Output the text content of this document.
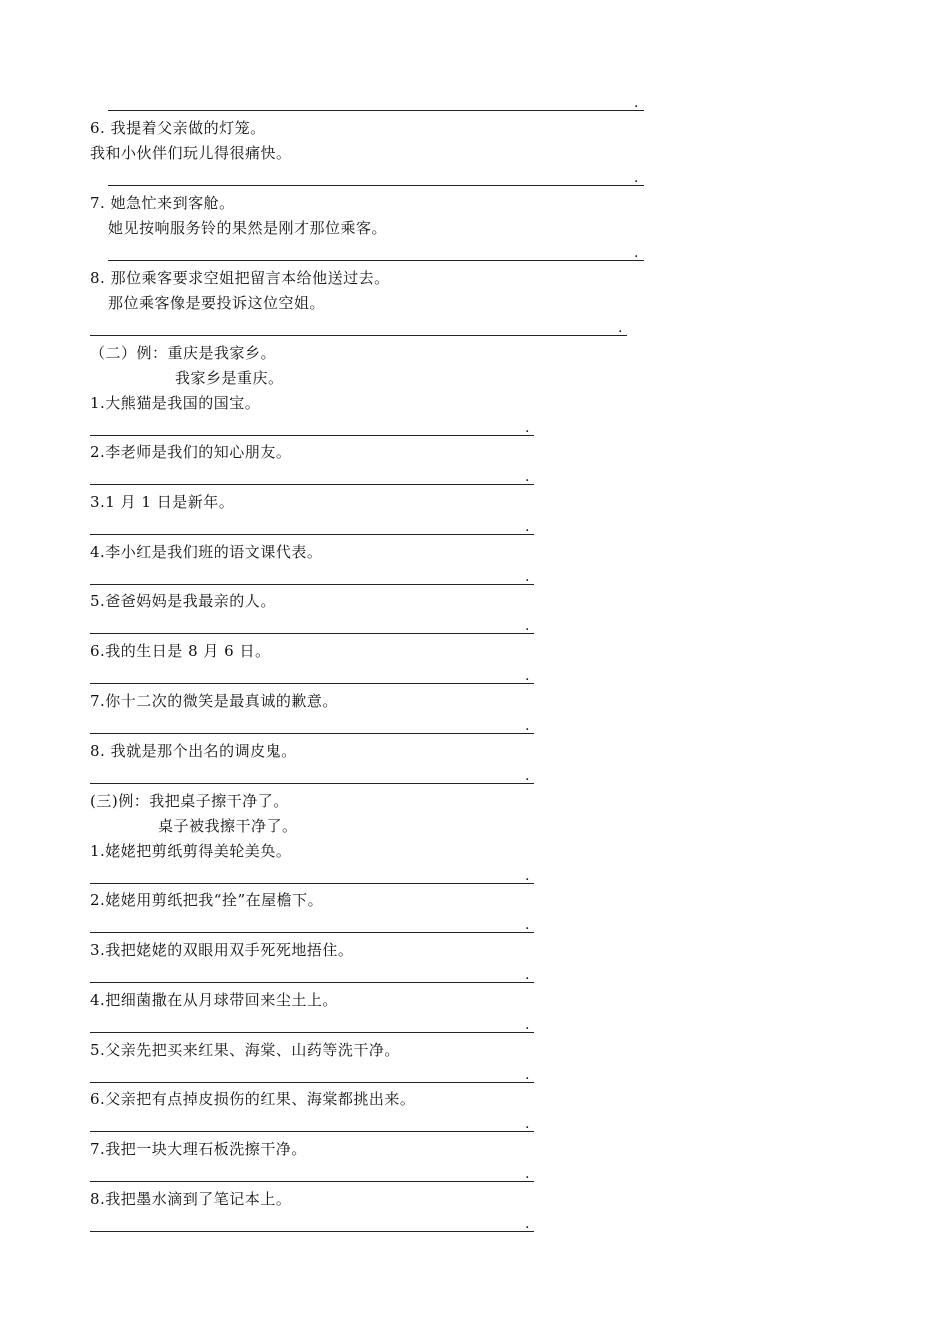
.
6. 我提着父亲做的灯笼。
我和小伙伴们玩儿得很痛快。
.
7. 她急忙来到客舱。
她见按响服务铃的果然是刚才那位乘客。
.
8. 那位乘客要求空姐把留言本给他送过去。
那位乘客像是要投诉这位空姐。
.
（二）例：重庆是我家乡。
我家乡是重庆。
1.大熊猫是我国的国宝。
.
2.李老师是我们的知心朋友。
.
3.1 月 1 日是新年。
.
4.李小红是我们班的语文课代表。
.
5.爸爸妈妈是我最亲的人。
.
6.我的生日是 8 月 6 日。
.
7.你十二次的微笑是最真诚的歉意。
.
8. 我就是那个出名的调皮鬼。
.
(三)例：我把桌子擦干净了。
桌子被我擦干净了。
1.姥姥把剪纸剪得美轮美奂。
.
2.姥姥用剪纸把我“拴”在屋檐下。
.
3.我把姥姥的双眼用双手死死地捂住。
.
4.把细菌撒在从月球带回来尘土上。
.
5.父亲先把买来红果、海棠、山药等洗干净。
.
6.父亲把有点掉皮损伤的红果、海棠都挑出来。
.
7.我把一块大理石板洗擦干净。
.
8.我把墨水滴到了笔记本上。
.
